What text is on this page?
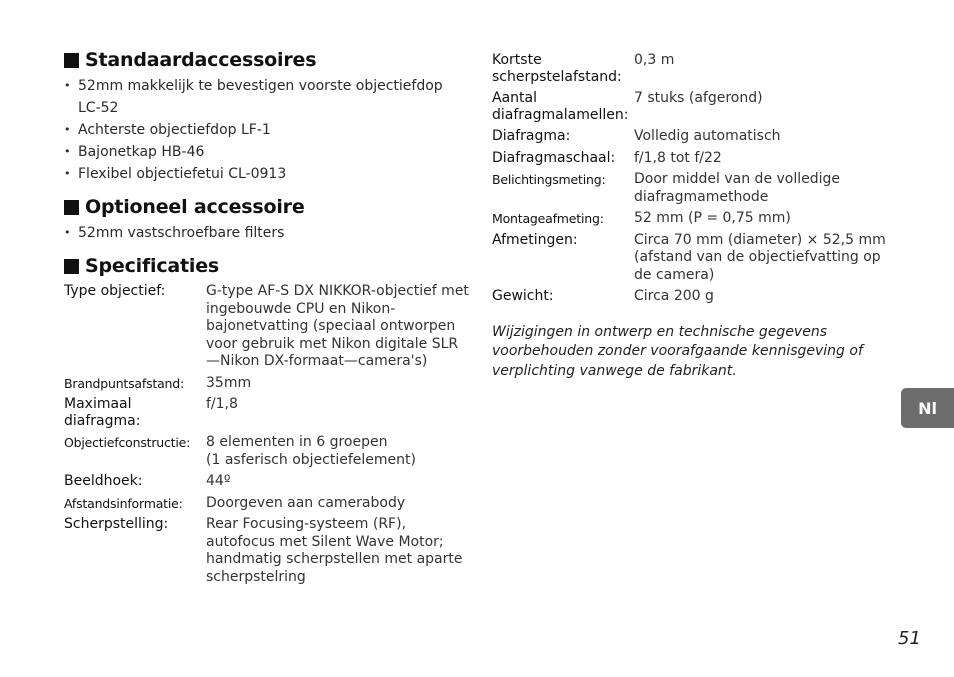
Standaardaccessoires
• 52mm makkelijk te bevestigen voorste objectiefdop LC-52
• Achterste objectiefdop LF-1
• Bajonetkap HB-46
• Flexibel objectiefetui CL-0913
Optioneel accessoire
• 52mm vastschroefbare filters
Specificaties
Type objectief:	G-type AF-S DX NIKKOR-objectief met ingebouwde CPU en Nikon-bajonetvatting (speciaal ontworpen voor gebruik met Nikon digitale SLR—Nikon DX-formaat—camera's)
Brandpuntsafstand:	35mm
Maximaal diafragma:
f/1,8
Objectiefconstructie:	8 elementen in 6 groepen
(1 asferisch objectiefelement)
Beeldhoek:	44º
Afstandsinformatie:	Doorgeven aan camerabody
Scherpstelling:	Rear Focusing-systeem (RF), autofocus met Silent Wave Motor; handmatig scherpstellen met aparte scherpstelring
Kortste scherpstelafstand:
0,3 m
Aantal diafragmalamellen:
7 stuks (afgerond)
Diafragma:	Volledig automatisch
Diafragmaschaal:	f/1,8 tot f/22
Belichtingsmeting:	Door middel van de volledige diafragmamethode
Montageafmeting:	52 mm (P = 0,75 mm)
Afmetingen:	Circa 70 mm (diameter) × 52,5 mm (afstand van de objectiefvatting op de camera)
Gewicht:	Circa 200 g
Wijzigingen in ontwerp en technische gegevens voorbehouden zonder voorafgaande kennisgeving of verplichting vanwege de fabrikant.
Nl
51
